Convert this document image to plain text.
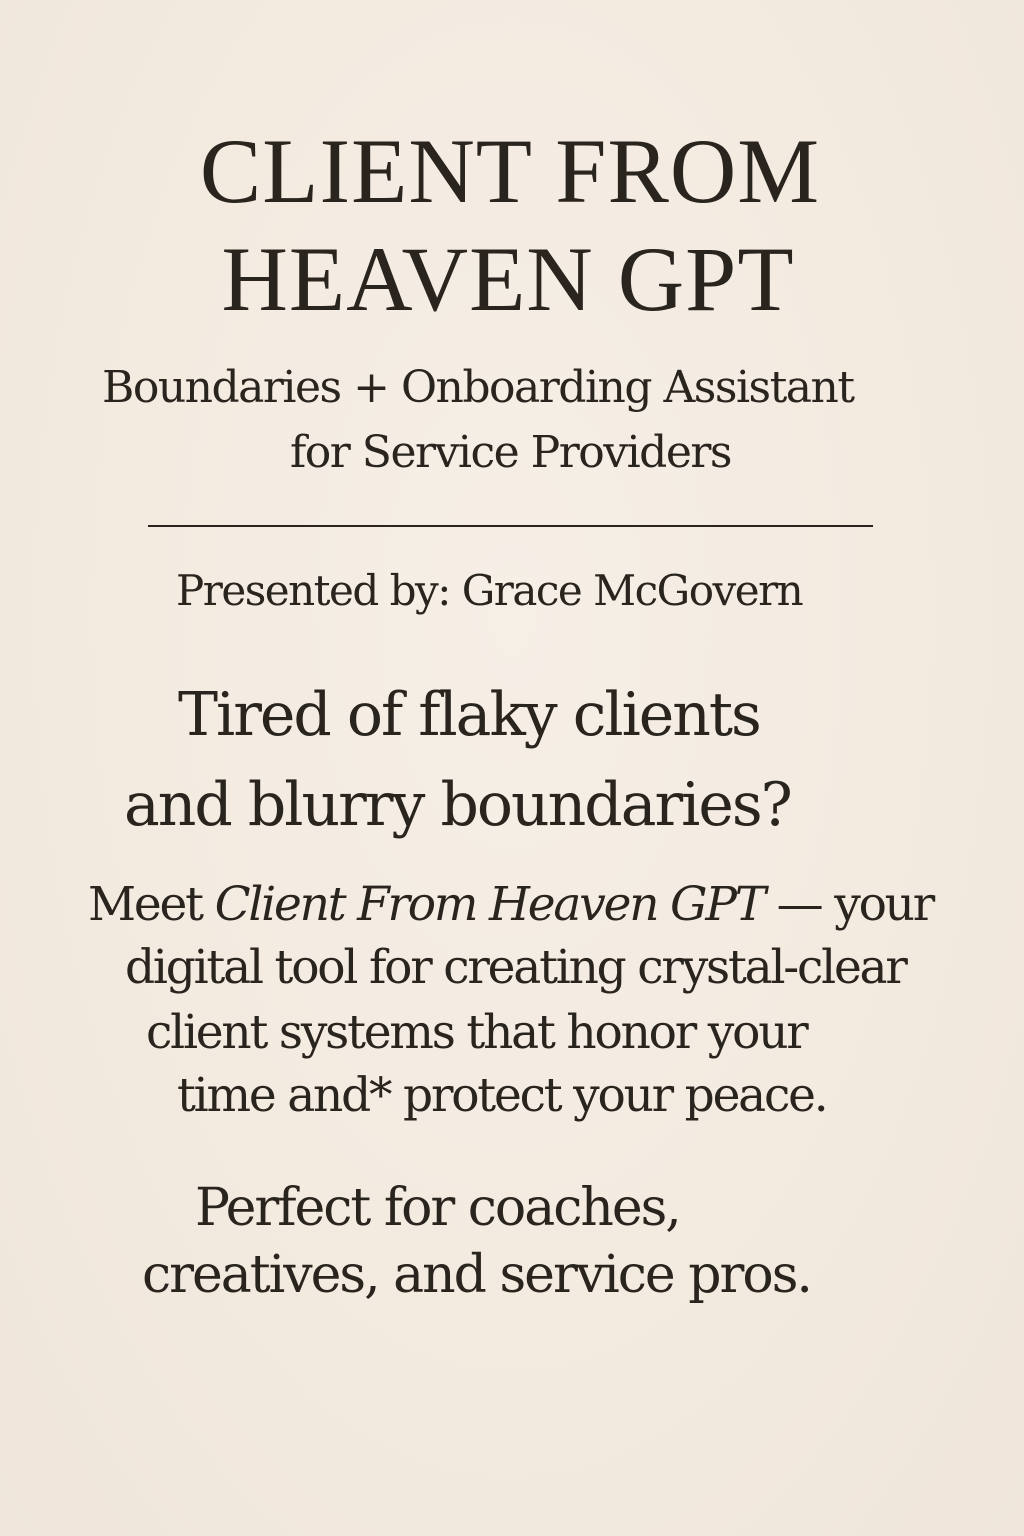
CLIENT FROM
HEAVEN GPT
Boundaries + Onboarding Assistant
for Service Providers
Presented by: Grace McGovern
Tired of flaky clients
and blurry boundaries?
Meet Client From Heaven GPT — your
digital tool for creating crystal-clear
client systems that honor your
time and* protect your peace.
Perfect for coaches,
creatives, and service pros.
